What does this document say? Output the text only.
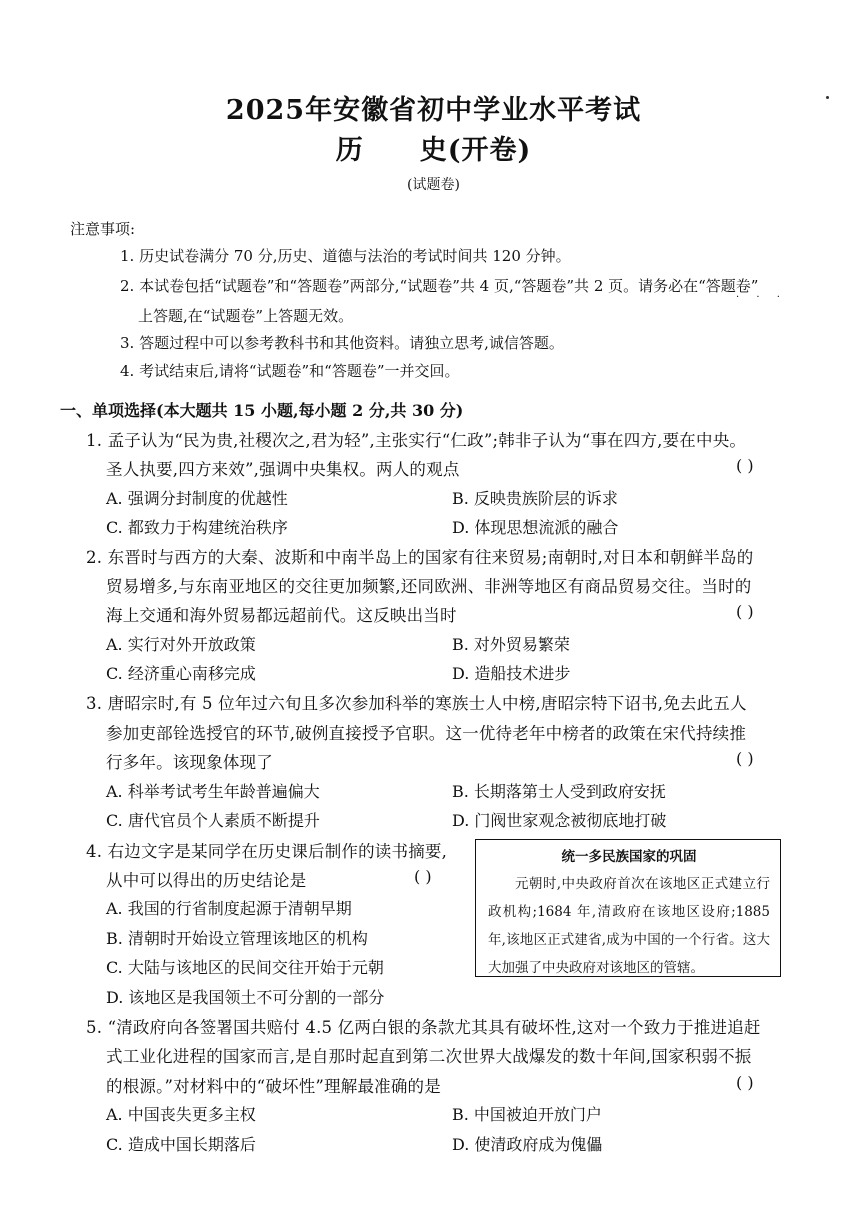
2025年安徽省初中学业水平考试
历 史(开卷)
(试题卷)
注意事项:
1. 历史试卷满分 70 分,历史、道德与法治的考试时间共 120 分钟。
2. 本试卷包括“试题卷”和“答题卷”两部分,“试题卷”共 4 页,“答题卷”共 2 页。请务必在“答题卷”
· · ·
上答题,在“试题卷”上答题无效。
3. 答题过程中可以参考教科书和其他资料。请独立思考,诚信答题。
4. 考试结束后,请将“试题卷”和“答题卷”一并交回。
一、单项选择(本大题共 15 小题,每小题 2 分,共 30 分)
1. 孟子认为“民为贵,社稷次之,君为轻”,主张实行“仁政”;韩非子认为“事在四方,要在中央。
圣人执要,四方来效”,强调中央集权。两人的观点	( )
A. 强调分封制度的优越性	B. 反映贵族阶层的诉求
C. 都致力于构建统治秩序	D. 体现思想流派的融合
2. 东晋时与西方的大秦、波斯和中南半岛上的国家有往来贸易;南朝时,对日本和朝鲜半岛的
贸易增多,与东南亚地区的交往更加频繁,还同欧洲、非洲等地区有商品贸易交往。当时的
海上交通和海外贸易都远超前代。这反映出当时	( )
A. 实行对外开放政策	B. 对外贸易繁荣
C. 经济重心南移完成	D. 造船技术进步
3. 唐昭宗时,有 5 位年过六旬且多次参加科举的寒族士人中榜,唐昭宗特下诏书,免去此五人
参加吏部铨选授官的环节,破例直接授予官职。这一优待老年中榜者的政策在宋代持续推
行多年。该现象体现了	( )
A. 科举考试考生年龄普遍偏大	B. 长期落第士人受到政府安抚
C. 唐代官员个人素质不断提升	D. 门阀世家观念被彻底地打破
4. 右边文字是某同学在历史课后制作的读书摘要,
从中可以得出的历史结论是	( )
A. 我国的行省制度起源于清朝早期
B. 清朝时开始设立管理该地区的机构
C. 大陆与该地区的民间交往开始于元朝
D. 该地区是我国领土不可分割的一部分
统一多民族国家的巩固
元朝时,中央政府首次在该地区正式建立行政机构;1684 年,清政府在该地区设府;1885 年,该地区正式建省,成为中国的一个行省。这大大加强了中央政府对该地区的管辖。
5. “清政府向各签署国共赔付 4.5 亿两白银的条款尤其具有破坏性,这对一个致力于推进追赶
式工业化进程的国家而言,是自那时起直到第二次世界大战爆发的数十年间,国家积弱不振
的根源。”对材料中的“破坏性”理解最准确的是	( )
A. 中国丧失更多主权	B. 中国被迫开放门户
C. 造成中国长期落后	D. 使清政府成为傀儡
